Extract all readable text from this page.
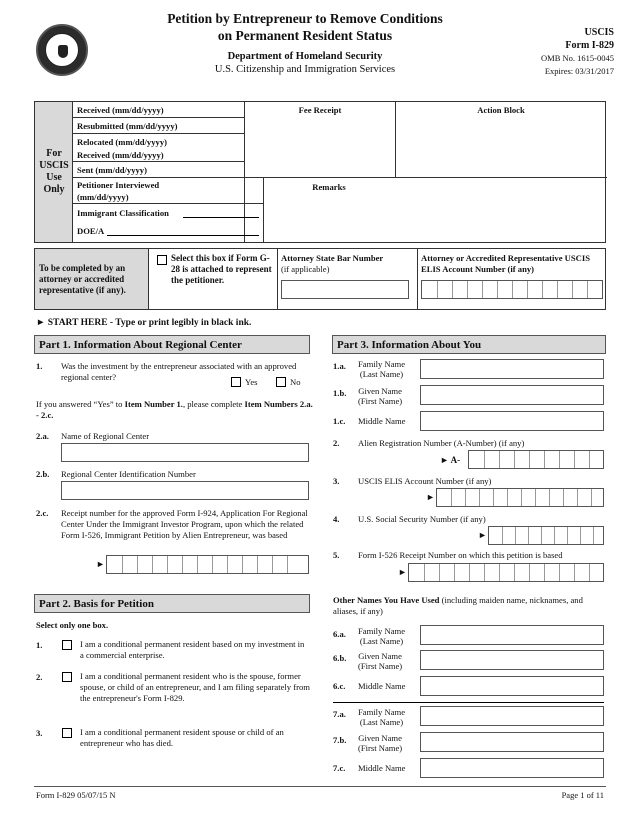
Petition by Entrepreneur to Remove Conditions
on Permanent Resident Status
Department of Homeland Security
U.S. Citizenship and Immigration Services
USCIS
Form I-829
OMB No. 1615-0045
Expires: 03/31/2017
For
USCIS
Use
Only
Received (mm/dd/yyyy)
Resubmitted (mm/dd/yyyy)
Relocated (mm/dd/yyyy)
Received (mm/dd/yyyy)
Sent (mm/dd/yyyy)
Petitioner Interviewed
(mm/dd/yyyy)
Immigrant Classification
DOE/A
Fee Receipt	Action Block
Remarks
To be completed by an attorney or accredited representative (if any).
Select this box if Form G-28 is attached to represent the petitioner.
Attorney State Bar Number
(if applicable)
Attorney or Accredited Representative USCIS ELIS Account Number (if any)
► START HERE - Type or print legibly in black ink.
Part 1. Information About Regional Center
1. Was the investment by the entrepreneur associated with an approved regional center?	Yes	No
If you answered “Yes” to Item Number 1., please complete Item Numbers 2.a. - 2.c.
2.a. Name of Regional Center
2.b. Regional Center Identification Number
2.c. Receipt number for the approved Form I-924, Application For Regional Center Under the Immigrant Investor Program, upon which the related Form I-526, Immigrant Petition by Alien Entrepreneur, was based
►
Part 2. Basis for Petition
Select only one box.
1.	I am a conditional permanent resident based on my investment in a commercial enterprise.
2.	I am a conditional permanent resident who is the spouse, former spouse, or child of an entrepreneur, and I am filing separately from the entrepreneur's Form I-829.
3.	I am a conditional permanent resident spouse or child of an entrepreneur who has died.
Part 3. Information About You
1.a. Family Name
(Last Name)
1.b. Given Name
(First Name)
1.c. Middle Name
2. Alien Registration Number (A-Number) (if any)
► A-
3. USCIS ELIS Account Number (if any)
►
4. U.S. Social Security Number (if any)
►
5. Form I-526 Receipt Number on which this petition is based
►
Other Names You Have Used (including maiden name, nicknames, and aliases, if any)
6.a. Family Name
(Last Name)
6.b. Given Name
(First Name)
6.c. Middle Name
7.a. Family Name
(Last Name)
7.b. Given Name
(First Name)
7.c. Middle Name
Form I-829 05/07/15 N	Page 1 of 11
